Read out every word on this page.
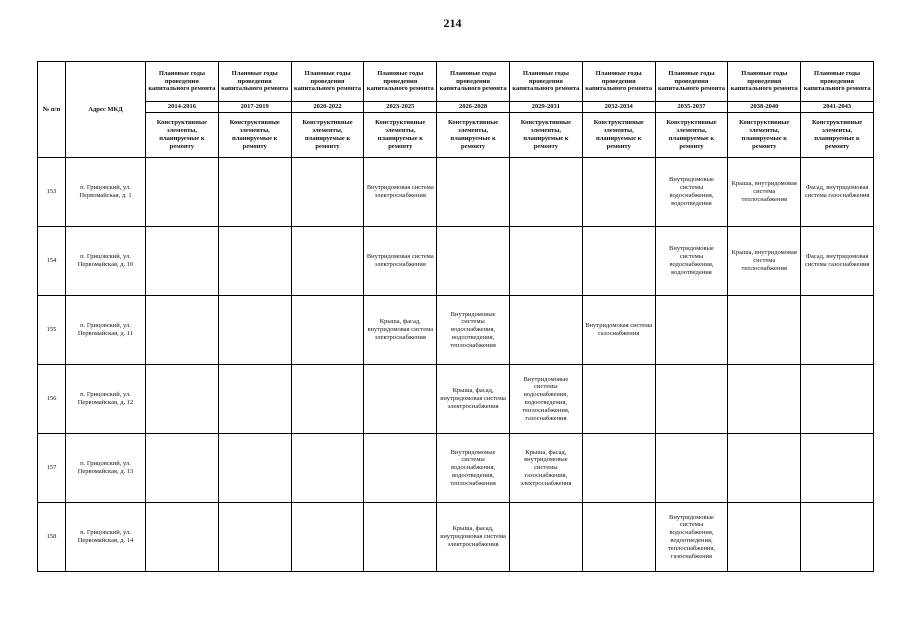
214
№ п/п	Адрес МКД	Плановые годы проведения капитального ремонта	Плановые годы проведения капитального ремонта	Плановые годы проведения капитального ремонта	Плановые годы проведения капитального ремонта	Плановые годы проведения капитального ремонта	Плановые годы проведения капитального ремонта	Плановые годы проведения капитального ремонта	Плановые годы проведения капитального ремонта	Плановые годы проведения капитального ремонта	Плановые годы проведения капитального ремонта
		2014-2016	2017-2019	2020-2022	2023-2025	2026-2028	2029-2031	2032-2034	2035-2037	2038-2040	2041-2043
		Конструктивные элементы, планируемые к ремонту	Конструктивные элементы, планируемые к ремонту	Конструктивные элементы, планируемые к ремонту	Конструктивные элементы, планируемые к ремонту	Конструктивные элементы, планируемые к ремонту	Конструктивные элементы, планируемые к ремонту	Конструктивные элементы, планируемые к ремонту	Конструктивные элементы, планируемые к ремонту	Конструктивные элементы, планируемые к ремонту	Конструктивные элементы, планируемые к ремонту
153	п. Грицовский, ул. Первомайская, д. 1				Внутридомовая система электроснабжения				Внутридомовые системы водоснабжения, водоотведения	Крыша, внутридомовая система теплоснабжения	Фасад, внутридомовая система газоснабжения
154	п. Грицовский, ул. Первомайская, д. 10				Внутридомовая система электроснабжения				Внутридомовые системы водоснабжения, водоотведения	Крыша, внутридомовая система теплоснабжения	Фасад, внутридомовая система газоснабжения
155	п. Грицовский, ул. Первомайская, д. 11				Крыша, фасад, внутридомовая система электроснабжения	Внутридомовые системы водоснабжения, водоотведения, теплоснабжения		Внутридомовая система газоснабжения			
156	п. Грицовский, ул. Первомайская, д. 12					Крыша, фасад, внутридомовая система электроснабжения	Внутридомовые системы водоснабжения, водоотведения, теплоснабжения, газоснабжения				
157	п. Грицовский, ул. Первомайская, д. 13					Внутридомовые системы водоснабжения, водоотведения, теплоснабжения	Крыша, фасад, внутридомовые системы газоснабжения, электроснабжения				
158	п. Грицовский, ул. Первомайская, д. 14					Крыша, фасад, внутридомовая система электроснабжения			Внутридомовые системы водоснабжения, водоотведения, теплоснабжения, газоснабжения		
